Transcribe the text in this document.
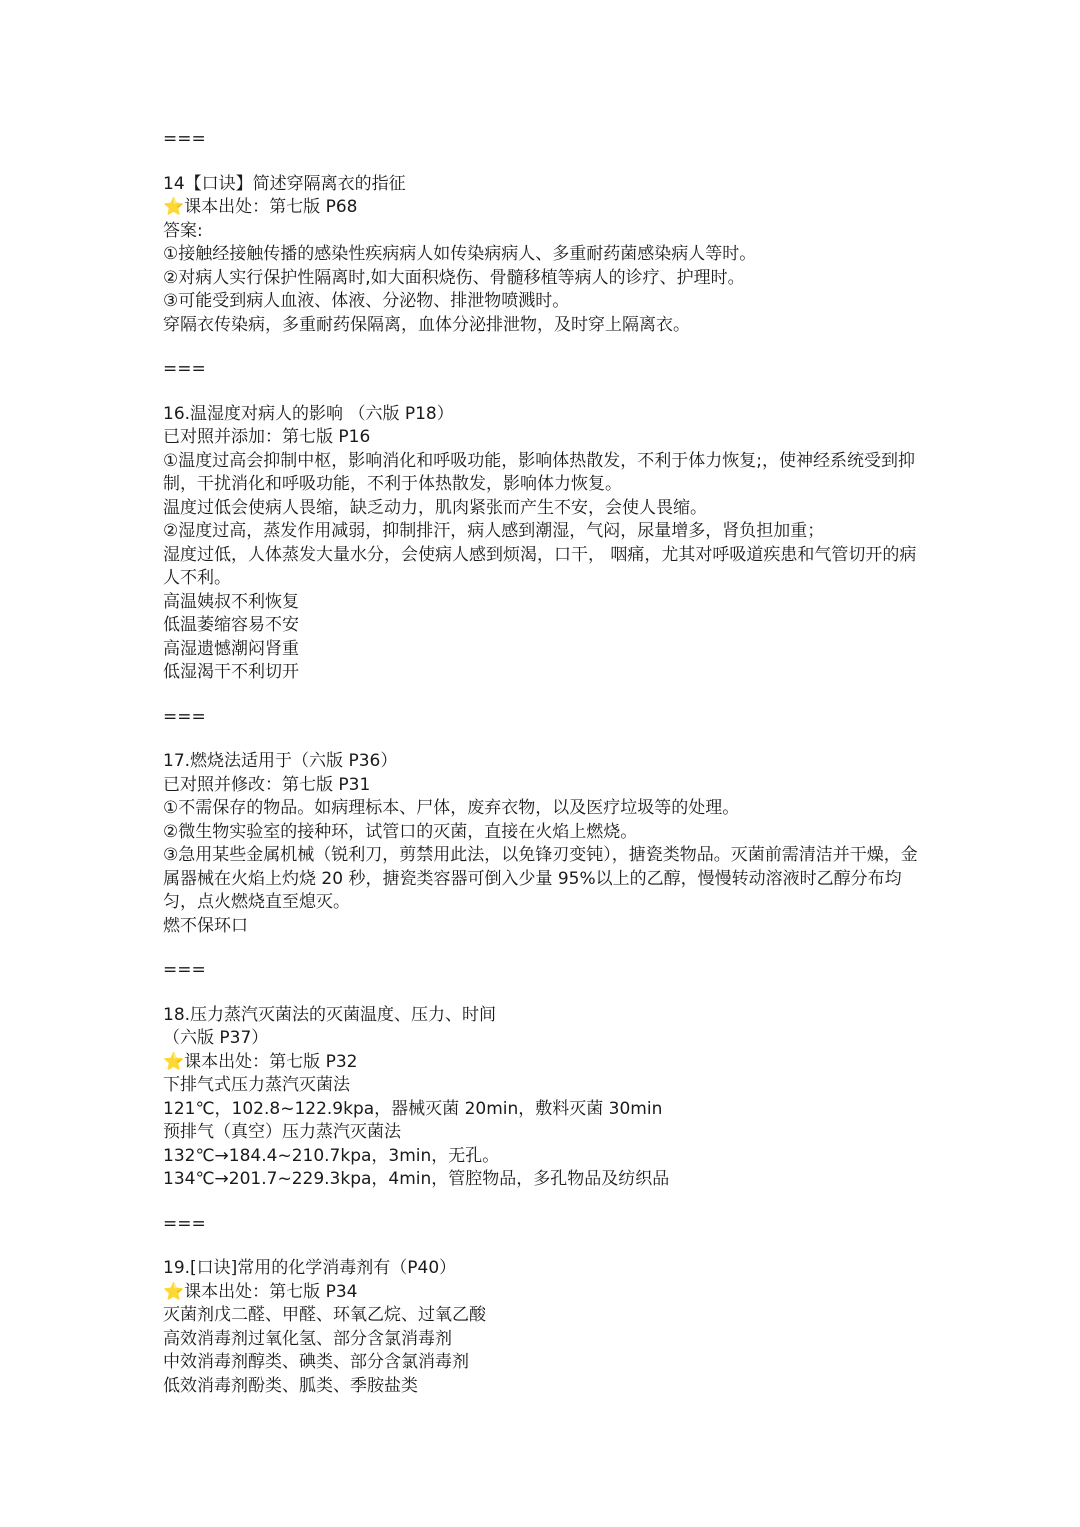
===

14【口诀】简述穿隔离衣的指征

⭐课本出处：第七版 P68

答案:

①接触经接触传播的感染性疾病病人如传染病病人、多重耐药菌感染病人等时。

②对病人实行保护性隔离时,如大面积烧伤、骨髓移植等病人的诊疗、护理时。

③可能受到病人血液、体液、分泌物、排泄物喷溅时。

穿隔衣传染病，多重耐药保隔离，血体分泌排泄物，及时穿上隔离衣。

===

16.温湿度对病人的影响 （六版 P18）

已对照并添加：第七版 P16

①温度过高会抑制中枢，影响消化和呼吸功能，影响体热散发，不利于体力恢复;，使神经系统受到抑制，干扰消化和呼吸功能，不利于体热散发，影响体力恢复。

温度过低会使病人畏缩，缺乏动力，肌肉紧张而产生不安，会使人畏缩。

②湿度过高，蒸发作用减弱，抑制排汗，病人感到潮湿，气闷，尿量增多，肾负担加重；

湿度过低，人体蒸发大量水分，会使病人感到烦渴，口干， 咽痛，尤其对呼吸道疾患和气管切开的病人不利。

高温姨叔不利恢复

低温萎缩容易不安

高湿遗憾潮闷肾重

低湿渴干不利切开

===

17.燃烧法适用于（六版 P36）

已对照并修改：第七版 P31

①不需保存的物品。如病理标本、尸体，废弃衣物，以及医疗垃圾等的处理。

②微生物实验室的接种环，试管口的灭菌，直接在火焰上燃烧。

③急用某些金属机械（锐利刀，剪禁用此法，以免锋刃变钝），搪瓷类物品。灭菌前需清洁并干燥，金属器械在火焰上灼烧 20 秒，搪瓷类容器可倒入少量 95%以上的乙醇，慢慢转动溶液时乙醇分布均匀，点火燃烧直至熄灭。

燃不保环口

===

18.压力蒸汽灭菌法的灭菌温度、压力、时间

（六版 P37）

⭐课本出处：第七版 P32

下排气式压力蒸汽灭菌法

121℃，102.8~122.9kpa，器械灭菌 20min，敷料灭菌 30min

预排气（真空）压力蒸汽灭菌法

132℃→184.4~210.7kpa，3min，无孔。

134℃→201.7~229.3kpa，4min，管腔物品，多孔物品及纺织品

===

19.[口诀]常用的化学消毒剂有（P40）

⭐课本出处：第七版 P34

灭菌剂戊二醛、甲醛、环氧乙烷、过氧乙酸

高效消毒剂过氧化氢、部分含氯消毒剂

中效消毒剂醇类、碘类、部分含氯消毒剂

低效消毒剂酚类、胍类、季胺盐类
